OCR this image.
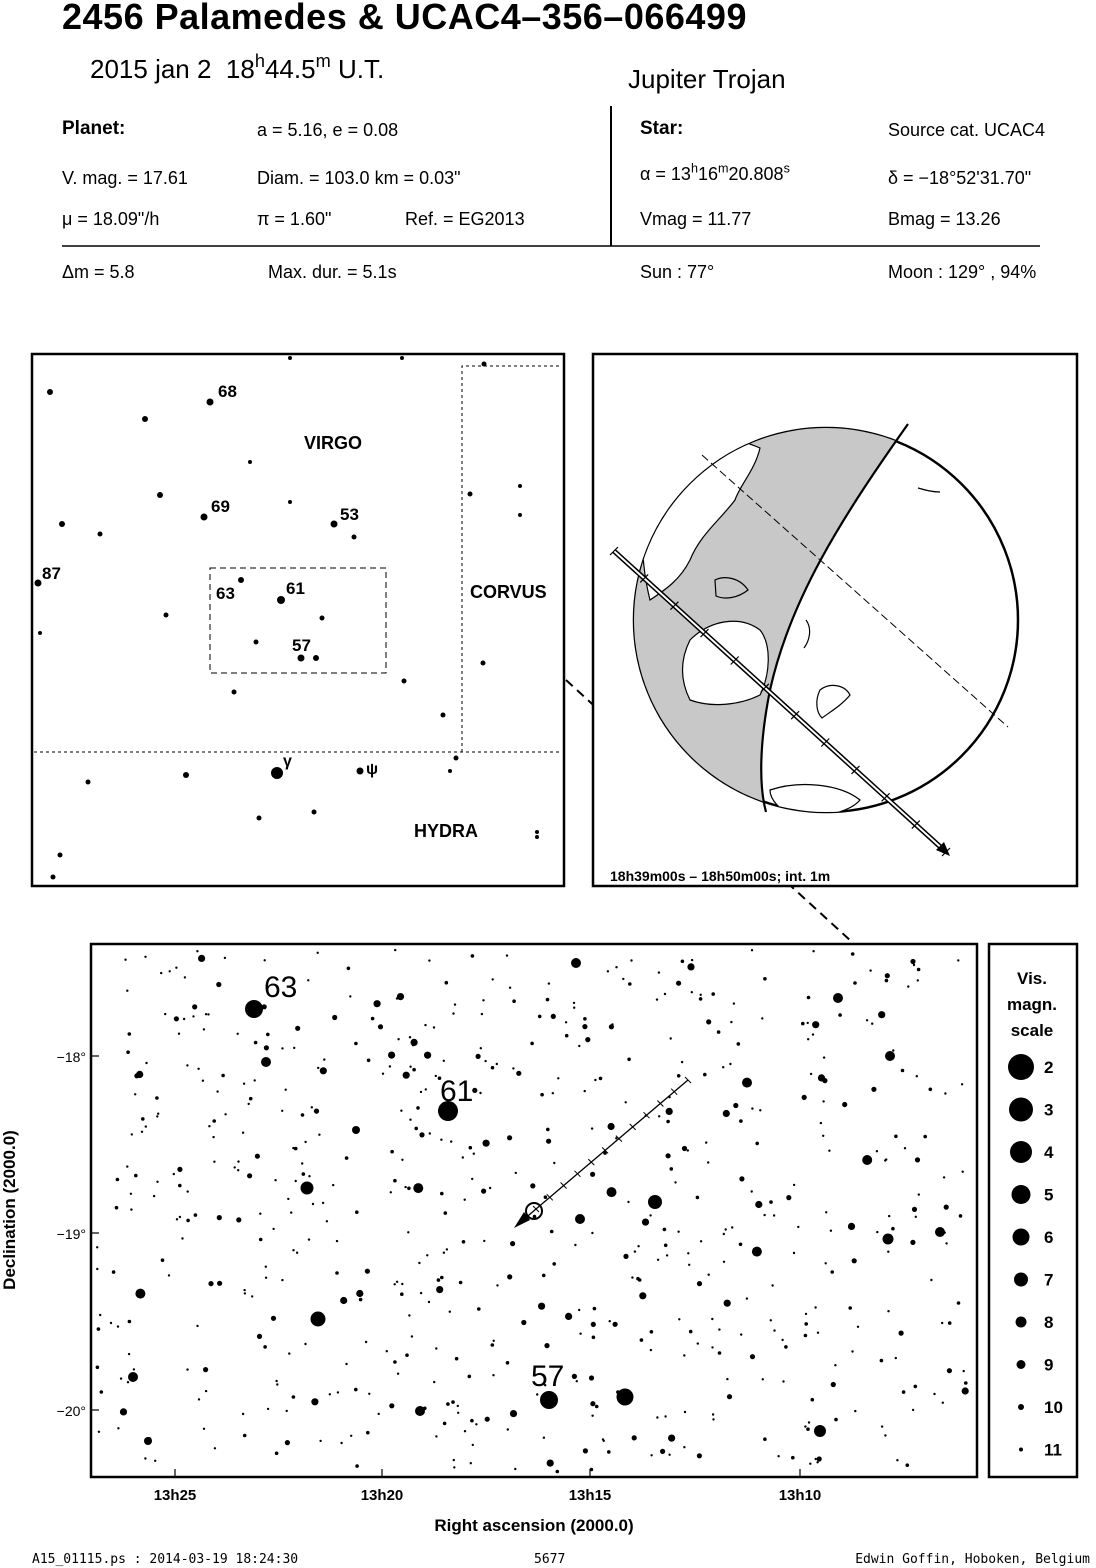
2456 Palamedes & UCAC4–356–066499
2015 jan 2 18$^h$44.5$^m$ U.T.	Jupiter Trojan
Planet:	a = 5.16, e = 0.08
V. mag. = 17.61	Diam. = 103.0 km = 0.03"
μ = 18.09"/h	π = 1.60"	Ref. = EG2013
Star:	Source cat. UCAC4
$\alpha = 13^h16^m20.808^s$	δ = −18°52'31.70"
Vmag = 11.77	Bmag = 13.26
Δm = 5.8	Max. dur. = 5.1s	Sun : 77°	Moon : 129° , 94%
VIRGO
CORVUS
HYDRA
68
69	53
87
63	61
57
γ	ψ
18h39m00s – 18h50m00s; int. 1m
63
61
57
−18°
−19°
−20°
13h25	13h20	13h15	13h10
Right ascension (2000.0)
Declination (2000.0)
Vis.
magn.
scale
2
3
4
5
6
7
8
9
10
11
A15_01115.ps : 2014-03-19 18:24:30	5677	Edwin Goffin, Hoboken, Belgium
